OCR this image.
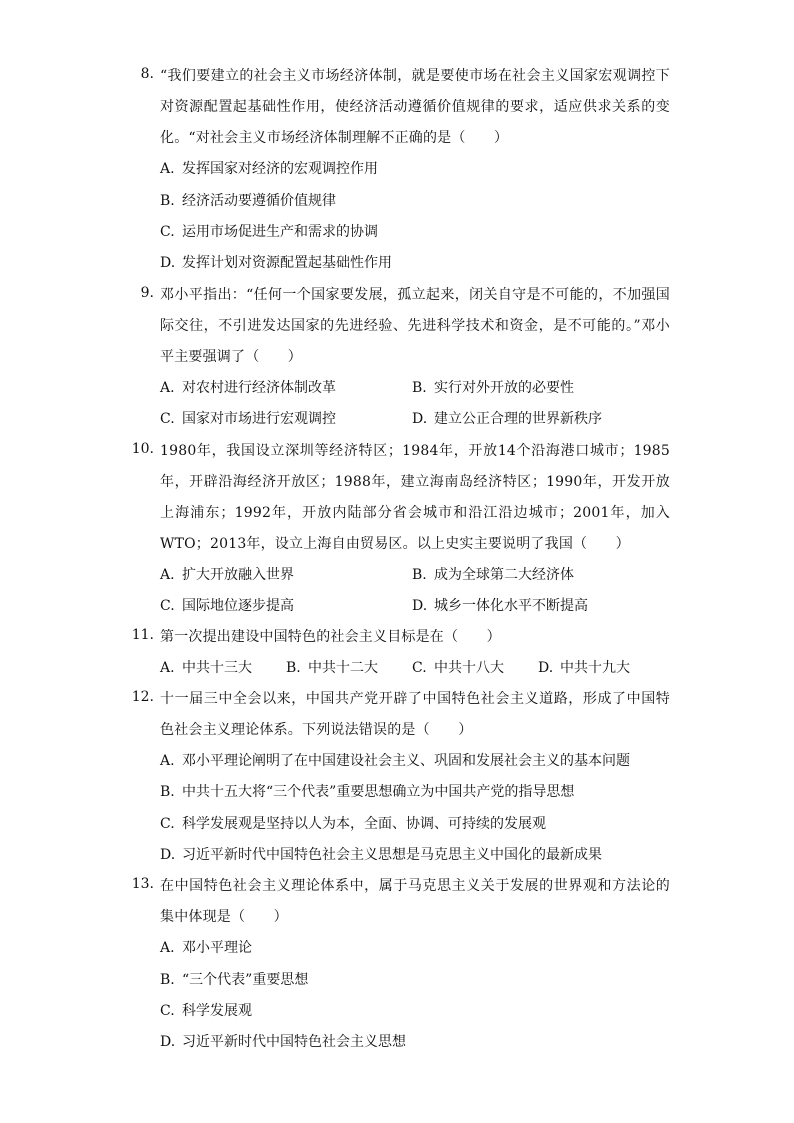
8. “我们要建立的社会主义市场经济体制，就是要使市场在社会主义国家宏观调控下对资源配置起基础性作用，使经济活动遵循价值规律的要求，适应供求关系的变化。“对社会主义市场经济体制理解不正确的是（　　）
A. 发挥国家对经济的宏观调控作用
B. 经济活动要遵循价值规律
C. 运用市场促进生产和需求的协调
D. 发挥计划对资源配置起基础性作用
9. 邓小平指出：“任何一个国家要发展，孤立起来，闭关自守是不可能的，不加强国际交往，不引进发达国家的先进经验、先进科学技术和资金，是不可能的。”邓小平主要强调了（　　）
A. 对农村进行经济体制改革	B. 实行对外开放的必要性
C. 国家对市场进行宏观调控	D. 建立公正合理的世界新秩序
10. 1980年，我国设立深圳等经济特区；1984年，开放14个沿海港口城市；1985年，开辟沿海经济开放区；1988年，建立海南岛经济特区；1990年，开发开放上海浦东；1992年，开放内陆部分省会城市和沿江沿边城市；2001年，加入WTO；2013年，设立上海自由贸易区。以上史实主要说明了我国（　　）
A. 扩大开放融入世界	B. 成为全球第二大经济体
C. 国际地位逐步提高	D. 城乡一体化水平不断提高
11. 第一次提出建设中国特色的社会主义目标是在（　　）
A. 中共十三大 B. 中共十二大 C. 中共十八大 D. 中共十九大
12. 十一届三中全会以来，中国共产党开辟了中国特色社会主义道路，形成了中国特色社会主义理论体系。下列说法错误的是（　　）
A. 邓小平理论阐明了在中国建设社会主义、巩固和发展社会主义的基本问题
B. 中共十五大将“三个代表”重要思想确立为中国共产党的指导思想
C. 科学发展观是坚持以人为本，全面、协调、可持续的发展观
D. 习近平新时代中国特色社会主义思想是马克思主义中国化的最新成果
13. 在中国特色社会主义理论体系中，属于马克思主义关于发展的世界观和方法论的集中体现是（　　）
A. 邓小平理论
B. “三个代表”重要思想
C. 科学发展观
D. 习近平新时代中国特色社会主义思想
